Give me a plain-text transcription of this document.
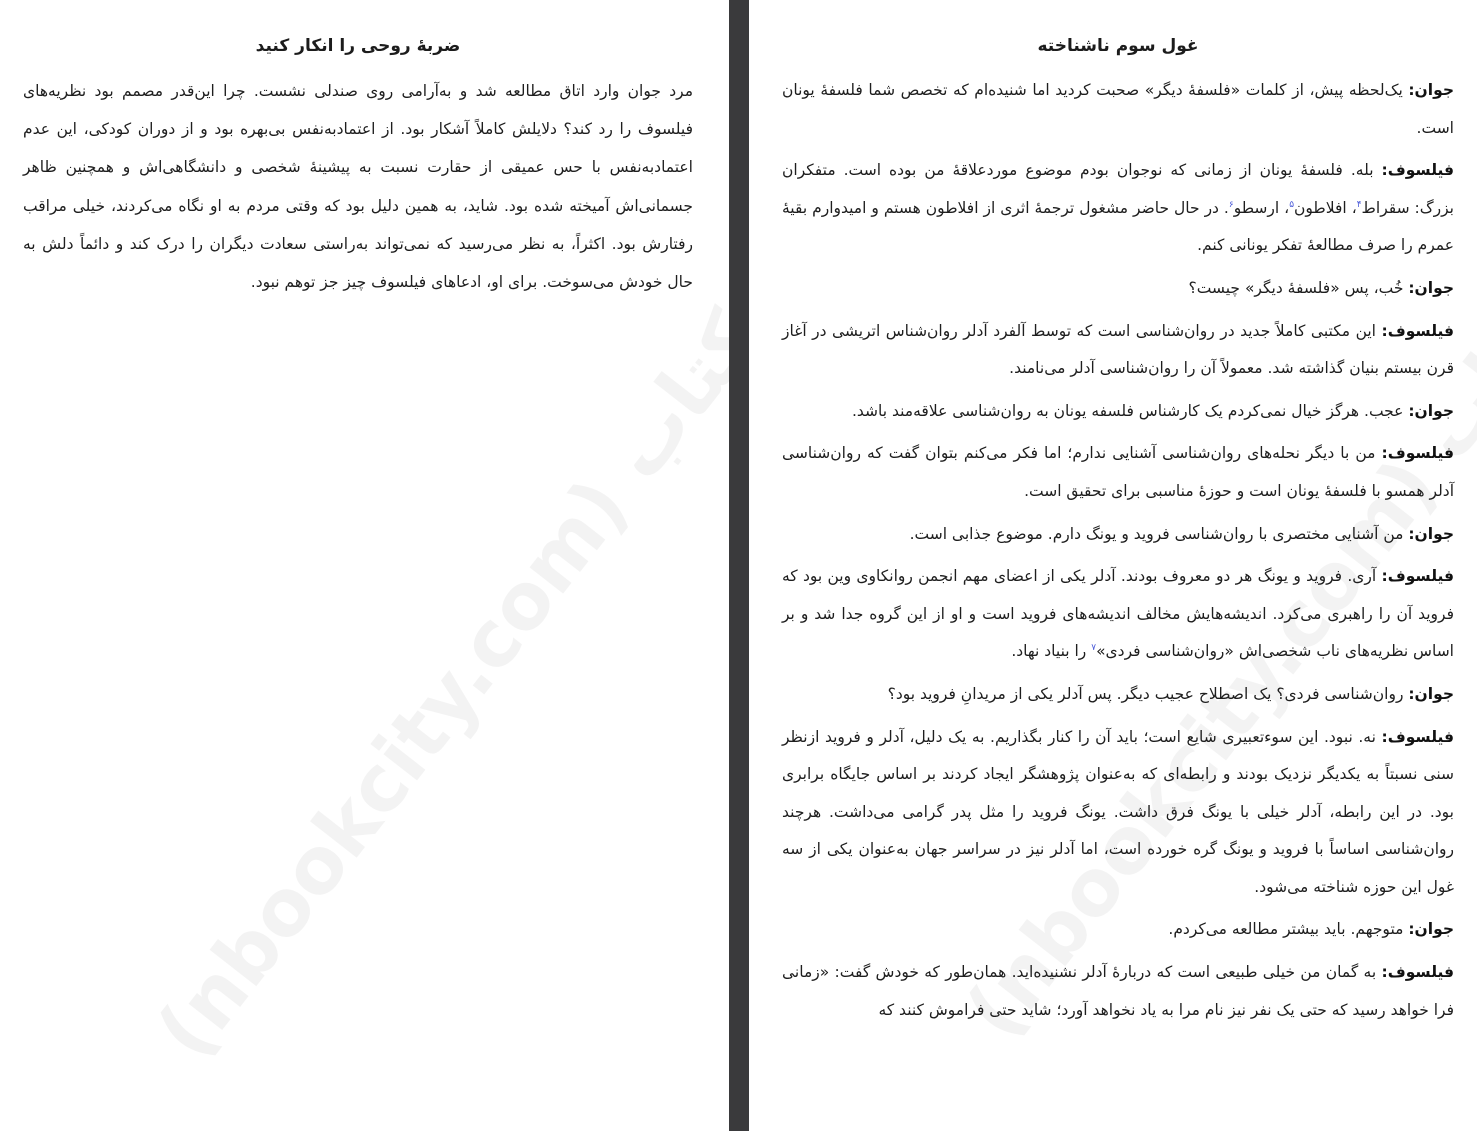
ضربهٔ روحی را انکار کنید

مرد جوان وارد اتاق مطالعه شد و به‌آرامی روی صندلی نشست. چرا این‌قدر مصمم بود نظریه‌های فیلسوف را رد کند؟ دلایلش کاملاً آشکار بود. از اعتمادبه‌نفس بی‌بهره بود و از دوران کودکی، این عدم اعتمادبه‌نفس با حس عمیقی از حقارت نسبت به پیشینهٔ شخصی و دانشگاهی‌اش و همچنین ظاهر جسمانی‌اش آمیخته شده بود. شاید، به همین دلیل بود که وقتی مردم به او نگاه می‌کردند، خیلی مراقب رفتارش بود. اکثراً، به نظر می‌رسید که نمی‌تواند به‌راستی سعادت دیگران را درک کند و دائماً دلش به حال خودش می‌سوخت. برای او، ادعاهای فیلسوف چیز جز توهم نبود.

غول سوم ناشناخته

جوان: یک‌لحظه پیش، از کلمات «فلسفهٔ دیگر» صحبت کردید اما شنیده‌ام که تخصص شما فلسفهٔ یونان است.

فیلسوف: بله. فلسفهٔ یونان از زمانی که نوجوان بودم موضوع موردعلاقهٔ من بوده است. متفکران بزرگ: سقراط$^۴$، افلاطون$^۵$، ارسطو$^۶$. در حال حاضر مشغول ترجمهٔ اثری از افلاطون هستم و امیدوارم بقیهٔ عمرم را صرف مطالعهٔ تفکر یونانی کنم.

جوان: خُب، پس «فلسفهٔ دیگر» چیست؟

فیلسوف: این مکتبی کاملاً جدید در روان‌شناسی است که توسط آلفرد آدلر روان‌شناس اتریشی در آغاز قرن بیستم بنیان گذاشته شد. معمولاً آن را روان‌شناسی آدلر می‌نامند.

جوان: عجب. هرگز خیال نمی‌کردم یک کارشناس فلسفه یونان به روان‌شناسی علاقه‌مند باشد.

فیلسوف: من با دیگر نحله‌های روان‌شناسی آشنایی ندارم؛ اما فکر می‌کنم بتوان گفت که روان‌شناسی آدلر همسو با فلسفهٔ یونان است و حوزهٔ مناسبی برای تحقیق است.

جوان: من آشنایی مختصری با روان‌شناسی فروید و یونگ دارم. موضوع جذابی است.

فیلسوف: آری. فروید و یونگ هر دو معروف بودند. آدلر یکی از اعضای مهم انجمن روانکاوی وین بود که فروید آن را راهبری می‌کرد. اندیشه‌هایش مخالف اندیشه‌های فروید است و او از این گروه جدا شد و بر اساس نظریه‌های ناب شخصی‌اش «روان‌شناسی فردی»$^۷$ را بنیاد نهاد.

جوان: روان‌شناسی فردی؟ یک اصطلاح عجیب دیگر. پس آدلر یکی از مریدانِ فروید بود؟

فیلسوف: نه. نبود. این سوءتعبیری شایع است؛ باید آن را کنار بگذاریم. به یک دلیل، آدلر و فروید ازنظر سنی نسبتاً به یکدیگر نزدیک بودند و رابطه‌ای که به‌عنوان پژوهشگر ایجاد کردند بر اساس جایگاه برابری بود. در این رابطه، آدلر خیلی با یونگ فرق داشت. یونگ فروید را مثل پدر گرامی می‌داشت. هرچند روان‌شناسی اساساً با فروید و یونگ گره خورده است، اما آدلر نیز در سراسر جهان به‌عنوان یکی از سه غول این حوزه شناخته می‌شود.

جوان: متوجهم. باید بیشتر مطالعه می‌کردم.

فیلسوف: به گمان من خیلی طبیعی است که دربارهٔ آدلر نشنیده‌اید. همان‌طور که خودش گفت: «زمانی فرا خواهد رسید که حتی یک نفر نیز نام مرا به یاد نخواهد آورد؛ شاید حتی فراموش کنند که
